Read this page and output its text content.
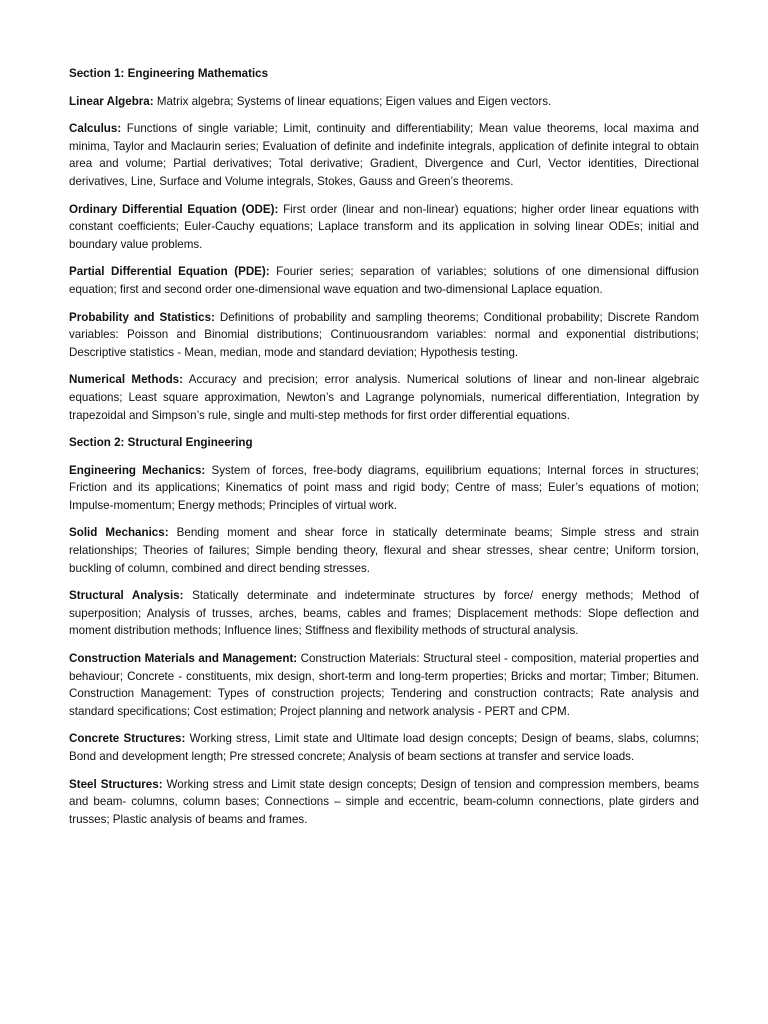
Section 1: Engineering Mathematics

Linear Algebra: Matrix algebra; Systems of linear equations; Eigen values and Eigen vectors.

Calculus: Functions of single variable; Limit, continuity and differentiability; Mean value theorems, local maxima and minima, Taylor and Maclaurin series; Evaluation of definite and indefinite integrals, application of definite integral to obtain area and volume; Partial derivatives; Total derivative; Gradient, Divergence and Curl, Vector identities, Directional derivatives, Line, Surface and Volume integrals, Stokes, Gauss and Green’s theorems.

Ordinary Differential Equation (ODE): First order (linear and non-linear) equations; higher order linear equations with constant coefficients; Euler-Cauchy equations; Laplace transform and its application in solving linear ODEs; initial and boundary value problems.

Partial Differential Equation (PDE): Fourier series; separation of variables; solutions of one dimensional diffusion equation; first and second order one-dimensional wave equation and two-dimensional Laplace equation.

Probability and Statistics: Definitions of probability and sampling theorems; Conditional probability; Discrete Random variables: Poisson and Binomial distributions; Continuousrandom variables: normal and exponential distributions; Descriptive statistics - Mean, median, mode and standard deviation; Hypothesis testing.

Numerical Methods: Accuracy and precision; error analysis. Numerical solutions of linear and non-linear algebraic equations; Least square approximation, Newton’s and Lagrange polynomials, numerical differentiation, Integration by trapezoidal and Simpson’s rule, single and multi-step methods for first order differential equations.

Section 2: Structural Engineering

Engineering Mechanics: System of forces, free-body diagrams, equilibrium equations; Internal forces in structures; Friction and its applications; Kinematics of point mass and rigid body; Centre of mass; Euler’s equations of motion; Impulse-momentum; Energy methods; Principles of virtual work.

Solid Mechanics: Bending moment and shear force in statically determinate beams; Simple stress and strain relationships; Theories of failures; Simple bending theory, flexural and shear stresses, shear centre; Uniform torsion, buckling of column, combined and direct bending stresses.

Structural Analysis: Statically determinate and indeterminate structures by force/ energy methods; Method of superposition; Analysis of trusses, arches, beams, cables and frames; Displacement methods: Slope deflection and moment distribution methods; Influence lines; Stiffness and flexibility methods of structural analysis.

Construction Materials and Management: Construction Materials: Structural steel - composition, material properties and behaviour; Concrete - constituents, mix design, short-term and long-term properties; Bricks and mortar; Timber; Bitumen. Construction Management: Types of construction projects; Tendering and construction contracts; Rate analysis and standard specifications; Cost estimation; Project planning and network analysis - PERT and CPM.

Concrete Structures: Working stress, Limit state and Ultimate load design concepts; Design of beams, slabs, columns; Bond and development length; Pre stressed concrete; Analysis of beam sections at transfer and service loads.

Steel Structures: Working stress and Limit state design concepts; Design of tension and compression members, beams and beam- columns, column bases; Connections – simple and eccentric, beam-column connections, plate girders and trusses; Plastic analysis of beams and frames.
